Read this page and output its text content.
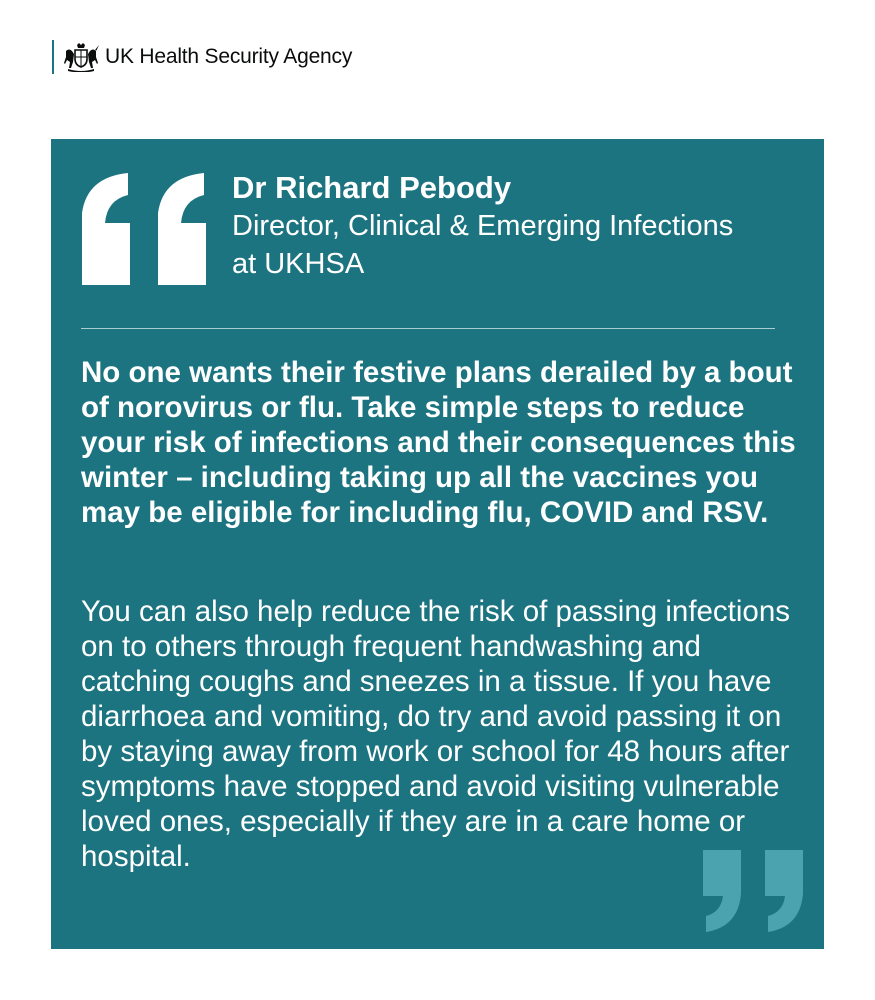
UK Health Security Agency
Dr Richard Pebody
Director, Clinical & Emerging Infections
at UKHSA

No one wants their festive plans derailed by a bout of norovirus or flu. Take simple steps to reduce your risk of infections and their consequences this winter – including taking up all the vaccines you may be eligible for including flu, COVID and RSV.

You can also help reduce the risk of passing infections on to others through frequent handwashing and catching coughs and sneezes in a tissue. If you have diarrhoea and vomiting, do try and avoid passing it on by staying away from work or school for 48 hours after symptoms have stopped and avoid visiting vulnerable loved ones, especially if they are in a care home or hospital.
